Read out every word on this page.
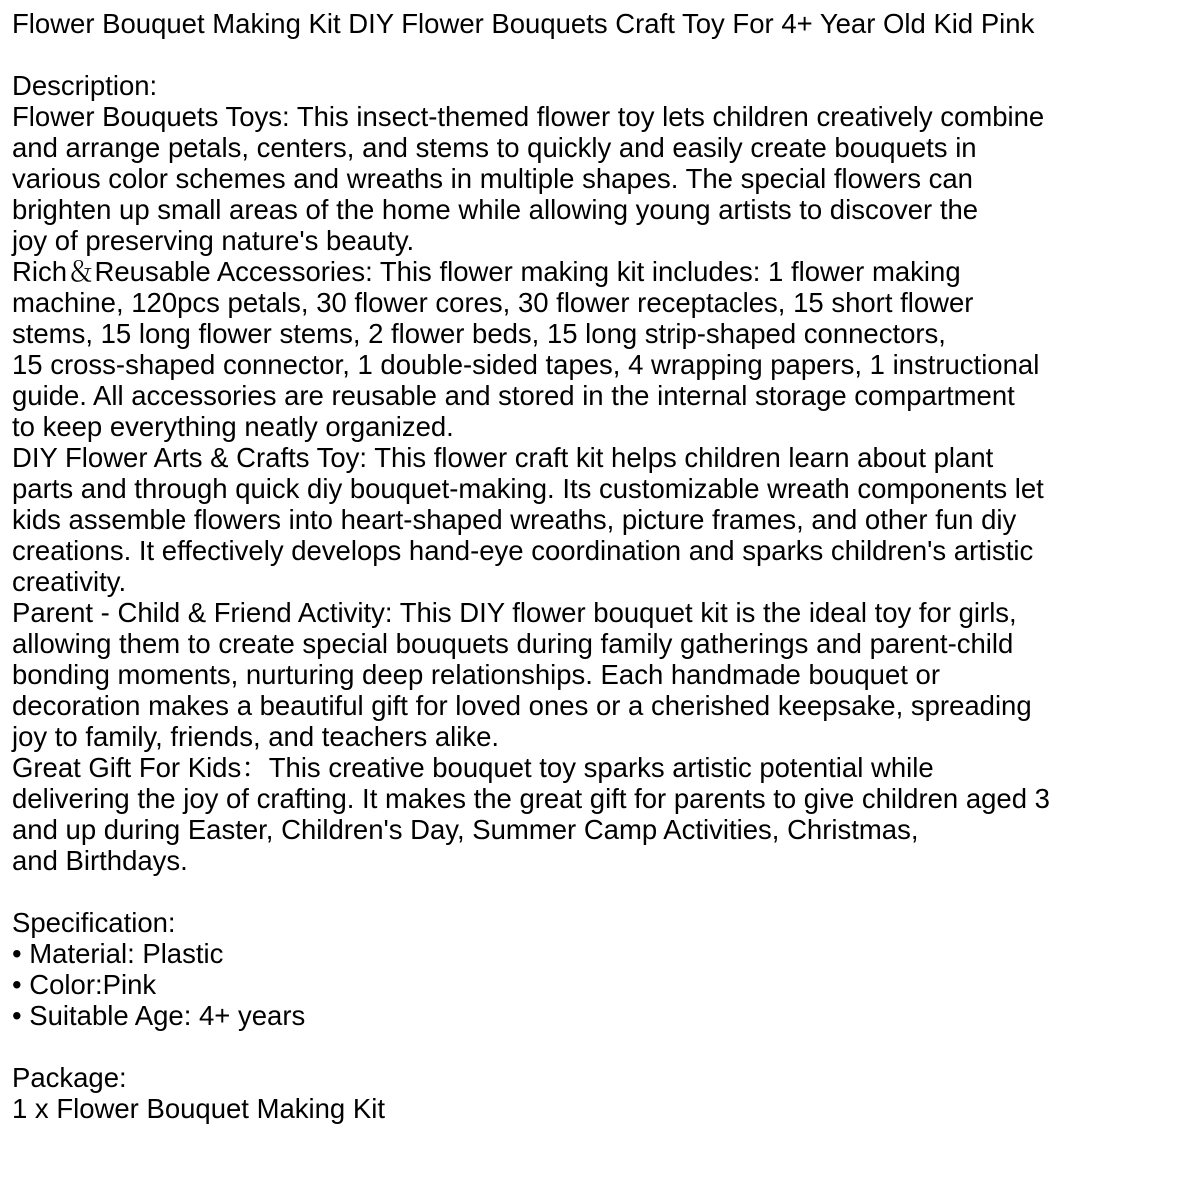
Flower Bouquet Making Kit DIY Flower Bouquets Craft Toy For 4+ Year Old Kid Pink
Description:
Flower Bouquets Toys: This insect-themed flower toy lets children creatively combine
and arrange petals, centers, and stems to quickly and easily create bouquets in
various color schemes and wreaths in multiple shapes. The special flowers can
brighten up small areas of the home while allowing young artists to discover the
joy of preserving nature's beauty.
Rich＆Reusable Accessories: This flower making kit includes: 1 flower making
machine, 120pcs petals, 30 flower cores, 30 flower receptacles, 15 short flower
stems, 15 long flower stems, 2 flower beds, 15 long strip-shaped connectors,
15 cross-shaped connector, 1 double-sided tapes, 4 wrapping papers, 1 instructional
guide. All accessories are reusable and stored in the internal storage compartment
to keep everything neatly organized.
DIY Flower Arts & Crafts Toy: This flower craft kit helps children learn about plant
parts and through quick diy bouquet-making. Its customizable wreath components let
kids assemble flowers into heart-shaped wreaths, picture frames, and other fun diy
creations. It effectively develops hand-eye coordination and sparks children's artistic
creativity.
Parent - Child & Friend Activity: This DIY flower bouquet kit is the ideal toy for girls,
allowing them to create special bouquets during family gatherings and parent-child
bonding moments, nurturing deep relationships. Each handmade bouquet or
decoration makes a beautiful gift for loved ones or a cherished keepsake, spreading
joy to family, friends, and teachers alike.
Great Gift For Kids：This creative bouquet toy sparks artistic potential while
delivering the joy of crafting. It makes the great gift for parents to give children aged 3
and up during Easter, Children's Day, Summer Camp Activities, Christmas,
and Birthdays.
Specification:
• Material: Plastic
• Color:Pink
• Suitable Age: 4+ years
Package:
1 x Flower Bouquet Making Kit
